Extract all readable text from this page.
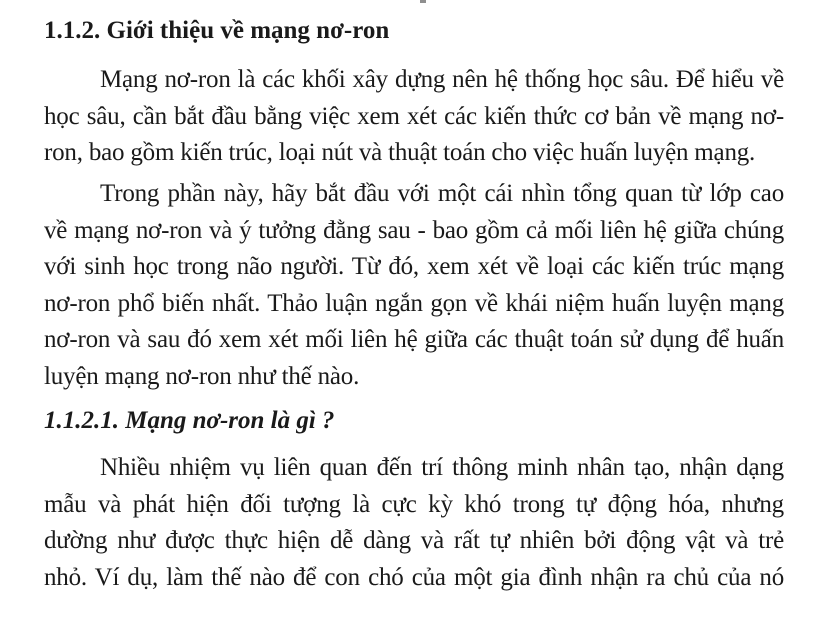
1.1.2. Giới thiệu về mạng nơ-ron
Mạng nơ-ron là các khối xây dựng nên hệ thống học sâu. Để hiểu về
học sâu, cần bắt đầu bằng việc xem xét các kiến thức cơ bản về mạng nơ-
ron, bao gồm kiến trúc, loại nút và thuật toán cho việc huấn luyện mạng.
Trong phần này, hãy bắt đầu với một cái nhìn tổng quan từ lớp cao
về mạng nơ-ron và ý tưởng đằng sau - bao gồm cả mối liên hệ giữa chúng
với sinh học trong não người. Từ đó, xem xét về loại các kiến trúc mạng
nơ-ron phổ biến nhất. Thảo luận ngắn gọn về khái niệm huấn luyện mạng
nơ-ron và sau đó xem xét mối liên hệ giữa các thuật toán sử dụng để huấn
luyện mạng nơ-ron như thế nào.
1.1.2.1. Mạng nơ-ron là gì ?
Nhiều nhiệm vụ liên quan đến trí thông minh nhân tạo, nhận dạng
mẫu và phát hiện đối tượng là cực kỳ khó trong tự động hóa, nhưng
dường như được thực hiện dễ dàng và rất tự nhiên bởi động vật và trẻ
nhỏ. Ví dụ, làm thế nào để con chó của một gia đình nhận ra chủ của nó
